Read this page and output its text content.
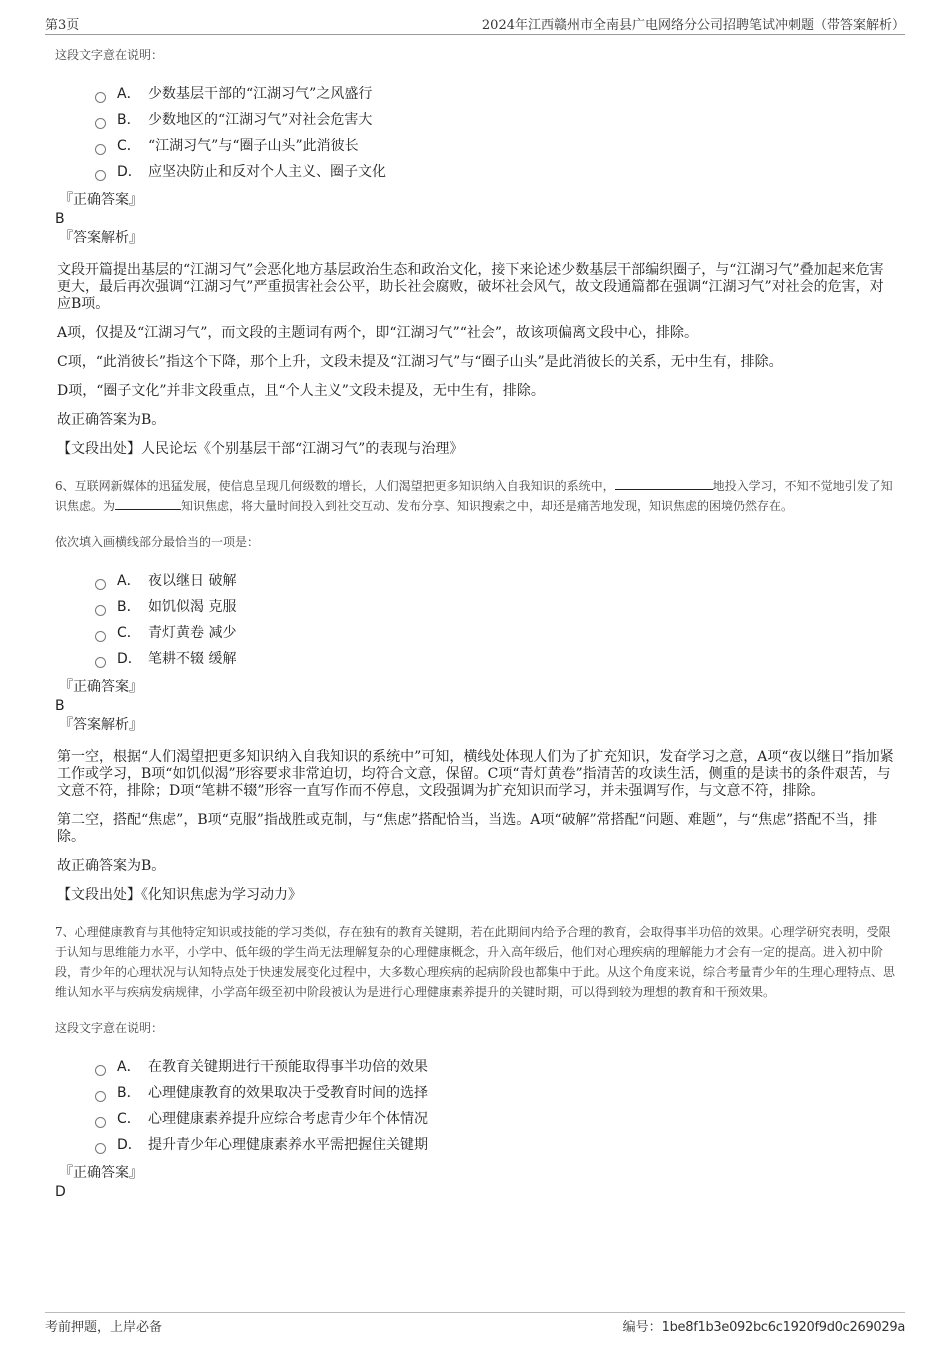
第3页	2024年江西赣州市全南县广电网络分公司招聘笔试冲刺题（带答案解析）
这段文字意在说明：
A． 少数基层干部的“江湖习气”之风盛行
B． 少数地区的“江湖习气”对社会危害大
C． “江湖习气”与“圈子山头”此消彼长
D． 应坚决防止和反对个人主义、圈子文化
『正确答案』
B
『答案解析』
文段开篇提出基层的“江湖习气”会恶化地方基层政治生态和政治文化，接下来论述少数基层干部编织圈子，与“江湖习气”叠加起来危害更大，最后再次强调“江湖习气”严重损害社会公平，助长社会腐败，破坏社会风气，故文段通篇都在强调“江湖习气”对社会的危害，对应B项。
A项，仅提及“江湖习气”，而文段的主题词有两个，即“江湖习气”“社会”，故该项偏离文段中心，排除。
C项，“此消彼长”指这个下降，那个上升，文段未提及“江湖习气”与“圈子山头”是此消彼长的关系，无中生有，排除。
D项，“圈子文化”并非文段重点，且“个人主义”文段未提及，无中生有，排除。
故正确答案为B。
【文段出处】人民论坛《个别基层干部“江湖习气”的表现与治理》
6、互联网新媒体的迅猛发展，使信息呈现几何级数的增长，人们渴望把更多知识纳入自我知识的系统中，	地投入学习，不知不觉地引发了知识焦虑。为	知识焦虑，将大量时间投入到社交互动、发布分享、知识搜索之中，却还是痛苦地发现，知识焦虑的困境仍然存在。
依次填入画横线部分最恰当的一项是：
A． 夜以继日 破解
B． 如饥似渴 克服
C． 青灯黄卷 减少
D． 笔耕不辍 缓解
『正确答案』
B
『答案解析』
第一空，根据“人们渴望把更多知识纳入自我知识的系统中”可知，横线处体现人们为了扩充知识，发奋学习之意，A项“夜以继日”指加紧工作或学习，B项“如饥似渴”形容要求非常迫切，均符合文意，保留。C项“青灯黄卷”指清苦的攻读生活，侧重的是读书的条件艰苦，与文意不符，排除；D项“笔耕不辍”形容一直写作而不停息，文段强调为扩充知识而学习，并未强调写作，与文意不符，排除。
第二空，搭配“焦虑”，B项“克服”指战胜或克制，与“焦虑”搭配恰当，当选。A项“破解”常搭配“问题、难题”，与“焦虑”搭配不当，排除。
故正确答案为B。
【文段出处】《化知识焦虑为学习动力》
7、心理健康教育与其他特定知识或技能的学习类似，存在独有的教育关键期，若在此期间内给予合理的教育，会取得事半功倍的效果。心理学研究表明，受限于认知与思维能力水平，小学中、低年级的学生尚无法理解复杂的心理健康概念，升入高年级后，他们对心理疾病的理解能力才会有一定的提高。进入初中阶段，青少年的心理状况与认知特点处于快速发展变化过程中，大多数心理疾病的起病阶段也都集中于此。从这个角度来说，综合考量青少年的生理心理特点、思维认知水平与疾病发病规律，小学高年级至初中阶段被认为是进行心理健康素养提升的关键时期，可以得到较为理想的教育和干预效果。
这段文字意在说明：
A． 在教育关键期进行干预能取得事半功倍的效果
B． 心理健康教育的效果取决于受教育时间的选择
C． 心理健康素养提升应综合考虑青少年个体情况
D． 提升青少年心理健康素养水平需把握住关键期
『正确答案』
D
考前押题，上岸必备	编号：1be8f1b3e092bc6c1920f9d0c269029a
